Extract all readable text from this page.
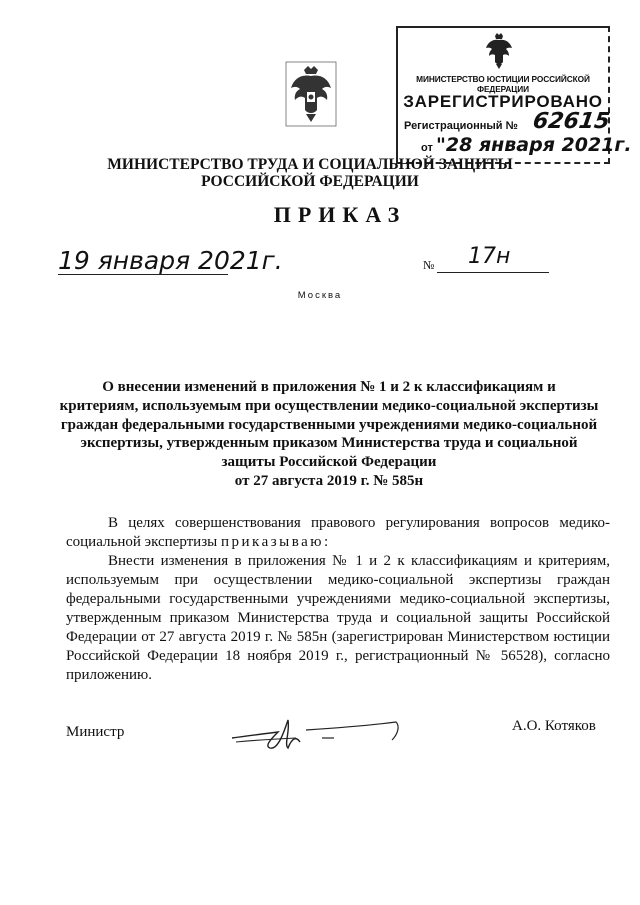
МИНИСТЕРСТВО ЮСТИЦИИ РОССИЙСКОЙ ФЕДЕРАЦИИ
ЗАРЕГИСТРИРОВАНО
Регистрационный № 62615
от "28 января 2021г.
МИНИСТЕРСТВО ТРУДА И СОЦИАЛЬНОЙ ЗАЩИТЫ
РОССИЙСКОЙ ФЕДЕРАЦИИ
ПРИКАЗ
19 января 2021г.	№ 17н
Москва
О внесении изменений в приложения № 1 и 2 к классификациям и
критериям, используемым при осуществлении медико-социальной экспертизы
граждан федеральными государственными учреждениями медико-социальной
экспертизы, утвержденным приказом Министерства труда и социальной
защиты Российской Федерации
от 27 августа 2019 г. № 585н

В целях совершенствования правового регулирования вопросов медико-социальной экспертизы приказываю:

Внести изменения в приложения № 1 и 2 к классификациям и критериям, используемым при осуществлении медико-социальной экспертизы граждан федеральными государственными учреждениями медико-социальной экспертизы, утвержденным приказом Министерства труда и социальной защиты Российской Федерации от 27 августа 2019 г. № 585н (зарегистрирован Министерством юстиции Российской Федерации 18 ноября 2019 г., регистрационный № 56528), согласно приложению.

Министр	А.О. Котяков
